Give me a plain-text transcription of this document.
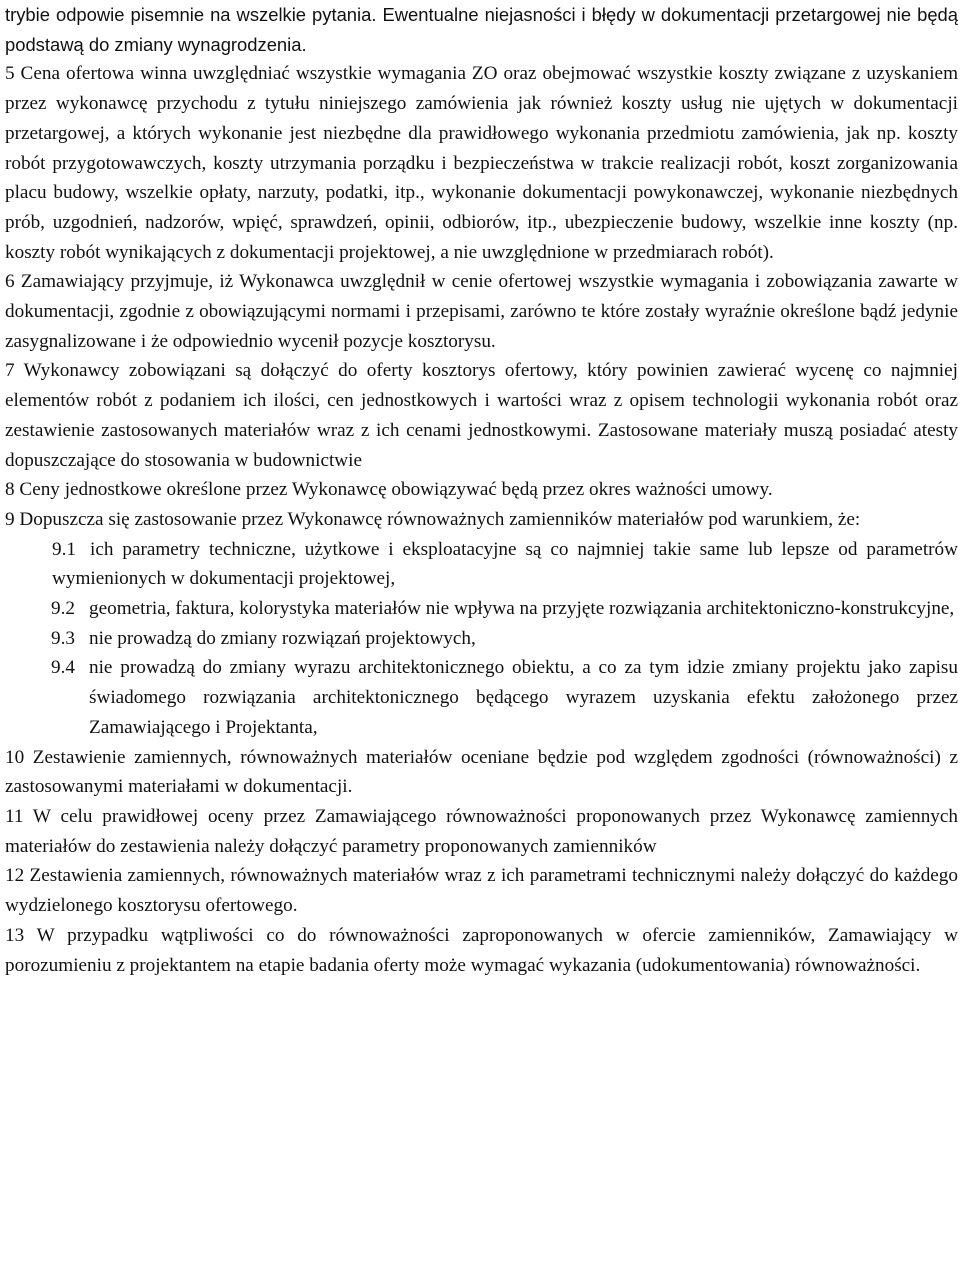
trybie odpowie pisemnie na wszelkie pytania. Ewentualne niejasności i błędy w dokumentacji przetargowej nie będą podstawą do zmiany wynagrodzenia.

5 Cena ofertowa winna uwzględniać wszystkie wymagania ZO oraz obejmować wszystkie koszty związane z uzyskaniem przez wykonawcę przychodu z tytułu niniejszego zamówienia jak również koszty usług nie ujętych w dokumentacji przetargowej, a których wykonanie jest niezbędne dla prawidłowego wykonania przedmiotu zamówienia, jak np. koszty robót przygotowawczych, koszty utrzymania porządku i bezpieczeństwa w trakcie realizacji robót, koszt zorganizowania placu budowy, wszelkie opłaty, narzuty, podatki, itp., wykonanie dokumentacji powykonawczej, wykonanie niezbędnych prób, uzgodnień, nadzorów, wpięć, sprawdzeń, opinii, odbiorów, itp., ubezpieczenie budowy, wszelkie inne koszty (np. koszty robót wynikających z dokumentacji projektowej, a nie uwzględnione w przedmiarach robót).

6 Zamawiający przyjmuje, iż Wykonawca uwzględnił w cenie ofertowej wszystkie wymagania i zobowiązania zawarte w dokumentacji, zgodnie z obowiązującymi normami i przepisami, zarówno te które zostały wyraźnie określone bądź jedynie zasygnalizowane i że odpowiednio wycenił pozycje kosztorysu.

7 Wykonawcy zobowiązani są dołączyć do oferty kosztorys ofertowy, który powinien zawierać wycenę co najmniej elementów robót z podaniem ich ilości, cen jednostkowych i wartości wraz z opisem technologii wykonania robót oraz zestawienie zastosowanych materiałów wraz z ich cenami jednostkowymi. Zastosowane materiały muszą posiadać atesty dopuszczające do stosowania w budownictwie

8 Ceny jednostkowe określone przez Wykonawcę obowiązywać będą przez okres ważności umowy.

9 Dopuszcza się zastosowanie przez Wykonawcę równoważnych zamienników materiałów pod warunkiem, że:

9.1 ich parametry techniczne, użytkowe i eksploatacyjne są co najmniej takie same lub lepsze od parametrów wymienionych w dokumentacji projektowej,

9.2 geometria, faktura, kolorystyka materiałów nie wpływa na przyjęte rozwiązania architektoniczno-konstrukcyjne,

9.3 nie prowadzą do zmiany rozwiązań projektowych,

9.4 nie prowadzą do zmiany wyrazu architektonicznego obiektu, a co za tym idzie zmiany projektu jako zapisu świadomego rozwiązania architektonicznego będącego wyrazem uzyskania efektu założonego przez Zamawiającego i Projektanta,

10 Zestawienie zamiennych, równoważnych materiałów oceniane będzie pod względem zgodności (równoważności) z zastosowanymi materiałami w dokumentacji.

11 W celu prawidłowej oceny przez Zamawiającego równoważności proponowanych przez Wykonawcę zamiennych materiałów do zestawienia należy dołączyć parametry proponowanych zamienników

12 Zestawienia zamiennych, równoważnych materiałów wraz z ich parametrami technicznymi należy dołączyć do każdego wydzielonego kosztorysu ofertowego.

13 W przypadku wątpliwości co do równoważności zaproponowanych w ofercie zamienników, Zamawiający w porozumieniu z projektantem na etapie badania oferty może wymagać wykazania (udokumentowania) równoważności.
